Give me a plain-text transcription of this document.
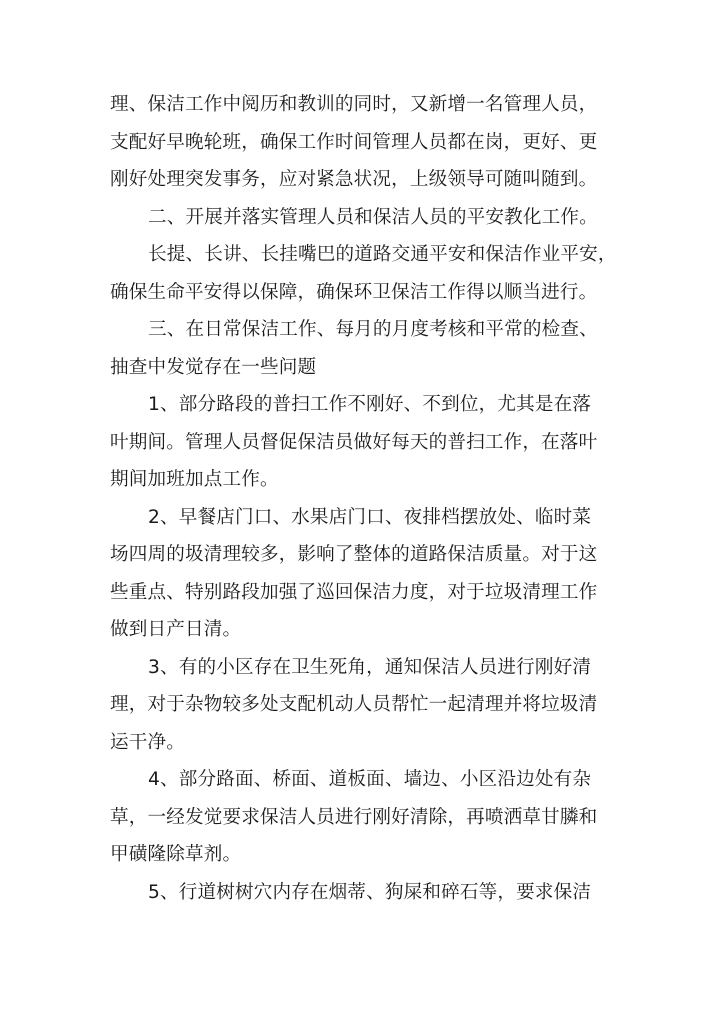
理、保洁工作中阅历和教训的同时，又新增一名管理人员，
支配好早晚轮班，确保工作时间管理人员都在岗，更好、更
刚好处理突发事务，应对紧急状况，上级领导可随叫随到。

二、开展并落实管理人员和保洁人员的平安教化工作。

长提、长讲、长挂嘴巴的道路交通平安和保洁作业平安，
确保生命平安得以保障，确保环卫保洁工作得以顺当进行。

三、在日常保洁工作、每月的月度考核和平常的检查、
抽查中发觉存在一些问题

1、部分路段的普扫工作不刚好、不到位，尤其是在落
叶期间。管理人员督促保洁员做好每天的普扫工作，在落叶
期间加班加点工作。

2、早餐店门口、水果店门口、夜排档摆放处、临时菜
场四周的圾清理较多，影响了整体的道路保洁质量。对于这
些重点、特别路段加强了巡回保洁力度，对于垃圾清理工作
做到日产日清。

3、有的小区存在卫生死角，通知保洁人员进行刚好清
理，对于杂物较多处支配机动人员帮忙一起清理并将垃圾清
运干净。

4、部分路面、桥面、道板面、墙边、小区沿边处有杂
草，一经发觉要求保洁人员进行刚好清除，再喷洒草甘膦和
甲磺隆除草剂。

5、行道树树穴内存在烟蒂、狗屎和碎石等，要求保洁
